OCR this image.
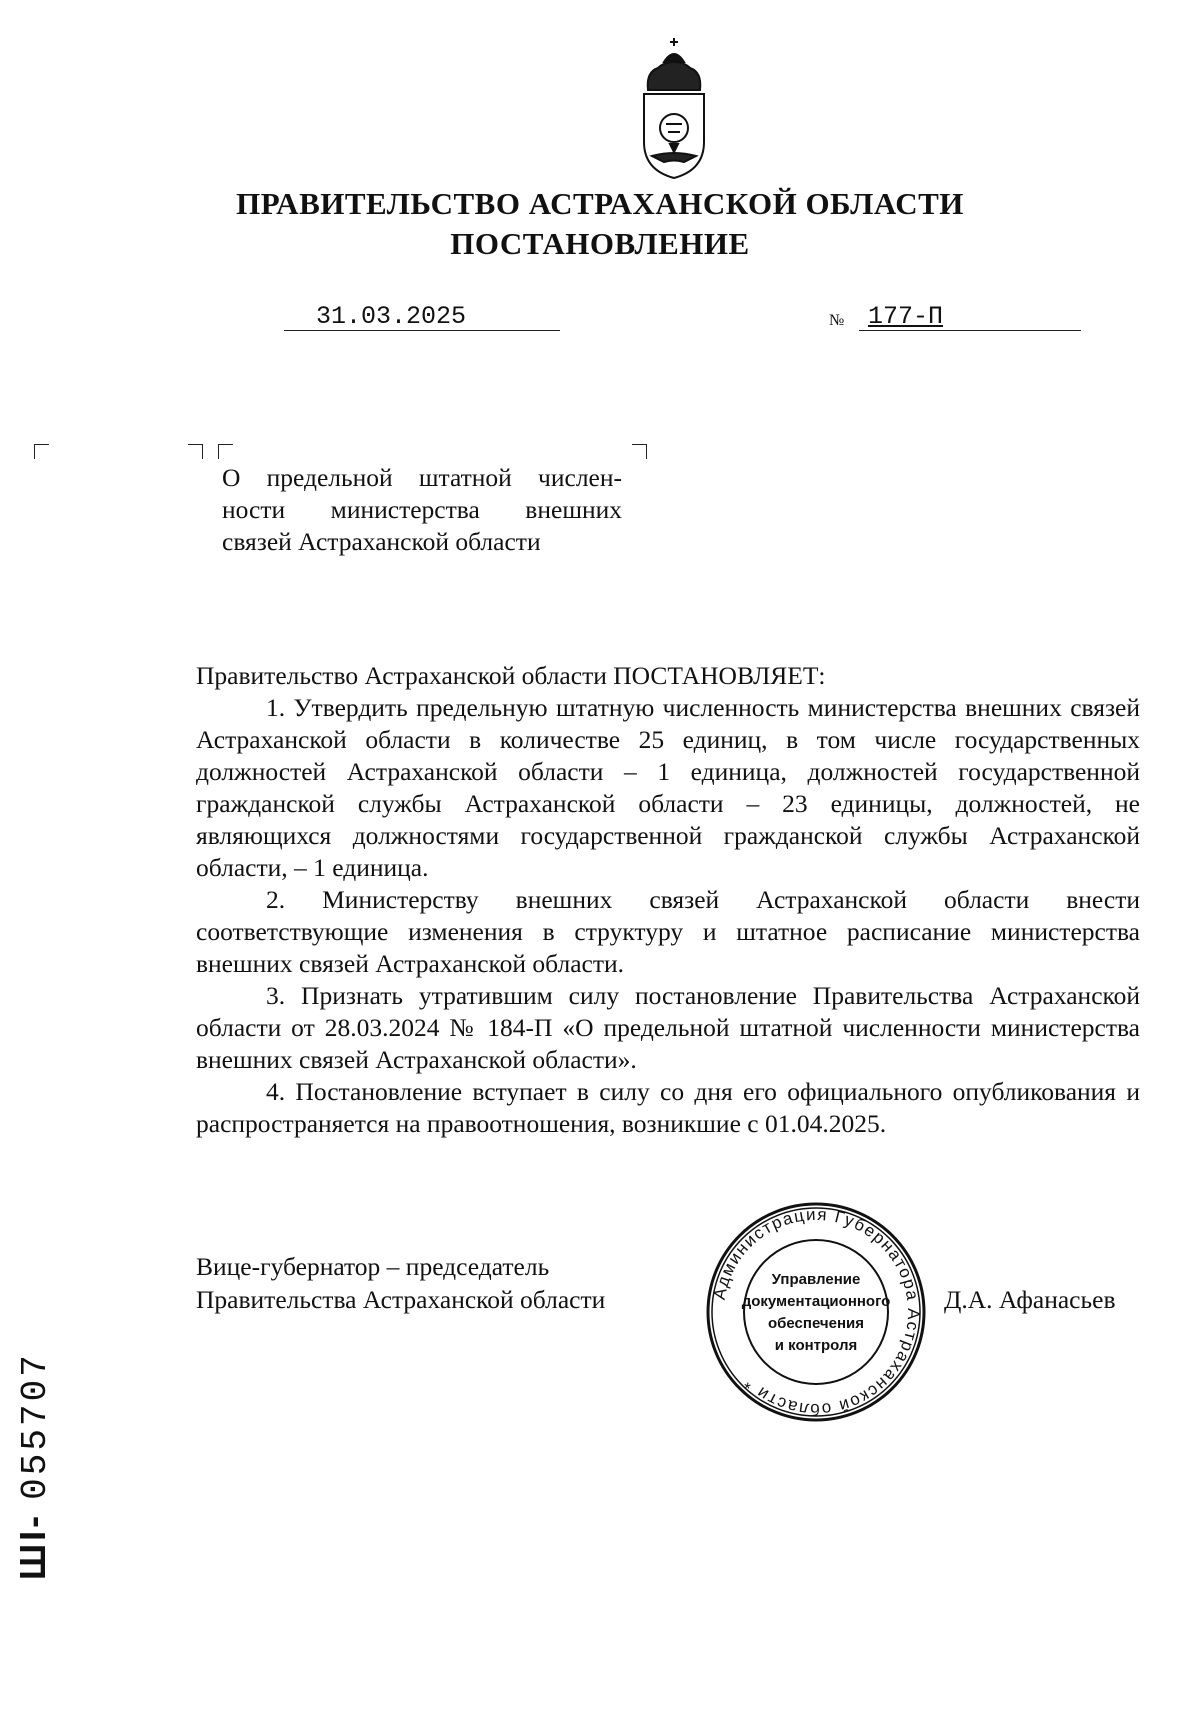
ПРАВИТЕЛЬСТВО АСТРАХАНСКОЙ ОБЛАСТИ
ПОСТАНОВЛЕНИЕ
31.03.2025	№ 177-П
О предельной штатной числен-
ности министерства внешних
связей Астраханской области

Правительство Астраханской области ПОСТАНОВЛЯЕТ:

1. Утвердить предельную штатную численность министерства внешних связей Астраханской области в количестве 25 единиц, в том числе государственных должностей Астраханской области – 1 единица, должностей государственной гражданской службы Астраханской области – 23 единицы, должностей, не являющихся должностями государственной гражданской службы Астраханской области, – 1 единица.

2. Министерству внешних связей Астраханской области внести соответствующие изменения в структуру и штатное расписание министерства внешних связей Астраханской области.

3. Признать утратившим силу постановление Правительства Астраханской области от 28.03.2024 № 184-П «О предельной штатной численности министерства внешних связей Астраханской области».

4. Постановление вступает в силу со дня его официального опубликования и распространяется на правоотношения, возникшие с 01.04.2025.

Вице-губернатор – председатель
Правительства Астраханской области	Д.А. Афанасьев
Администрация Губернатора Астраханской области *
Управление
документационного
обеспечения
и контроля
ШI- 055707
